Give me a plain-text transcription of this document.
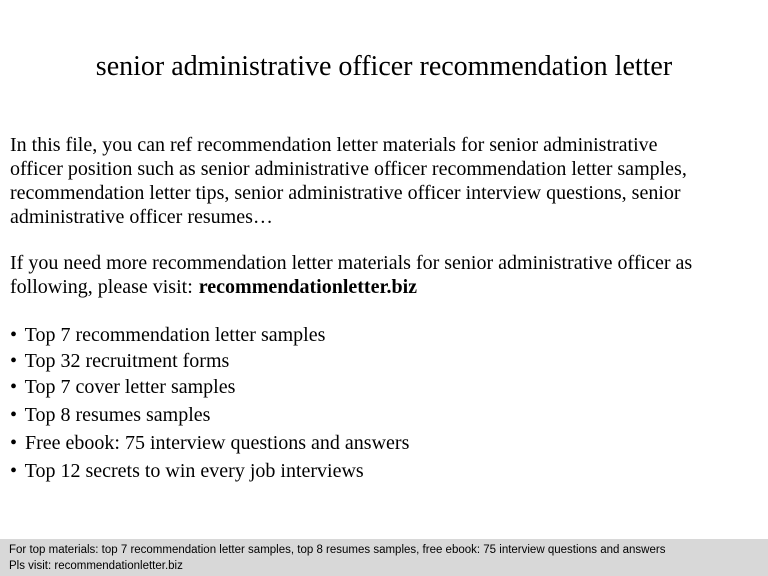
senior administrative officer recommendation letter
In this file, you can ref recommendation letter materials for senior administrative
officer position such as senior administrative officer recommendation letter samples,
recommendation letter tips, senior administrative officer interview questions, senior
administrative officer resumes…
If you need more recommendation letter materials for senior administrative officer as
following, please visit: recommendationletter.biz
• Top 7 recommendation letter samples
• Top 32 recruitment forms
• Top 7 cover letter samples
• Top 8 resumes samples
• Free ebook: 75 interview questions and answers
• Top 12 secrets to win every job interviews
For top materials: top 7 recommendation letter samples, top 8 resumes samples, free ebook: 75 interview questions and answers
Pls visit: recommendationletter.biz
